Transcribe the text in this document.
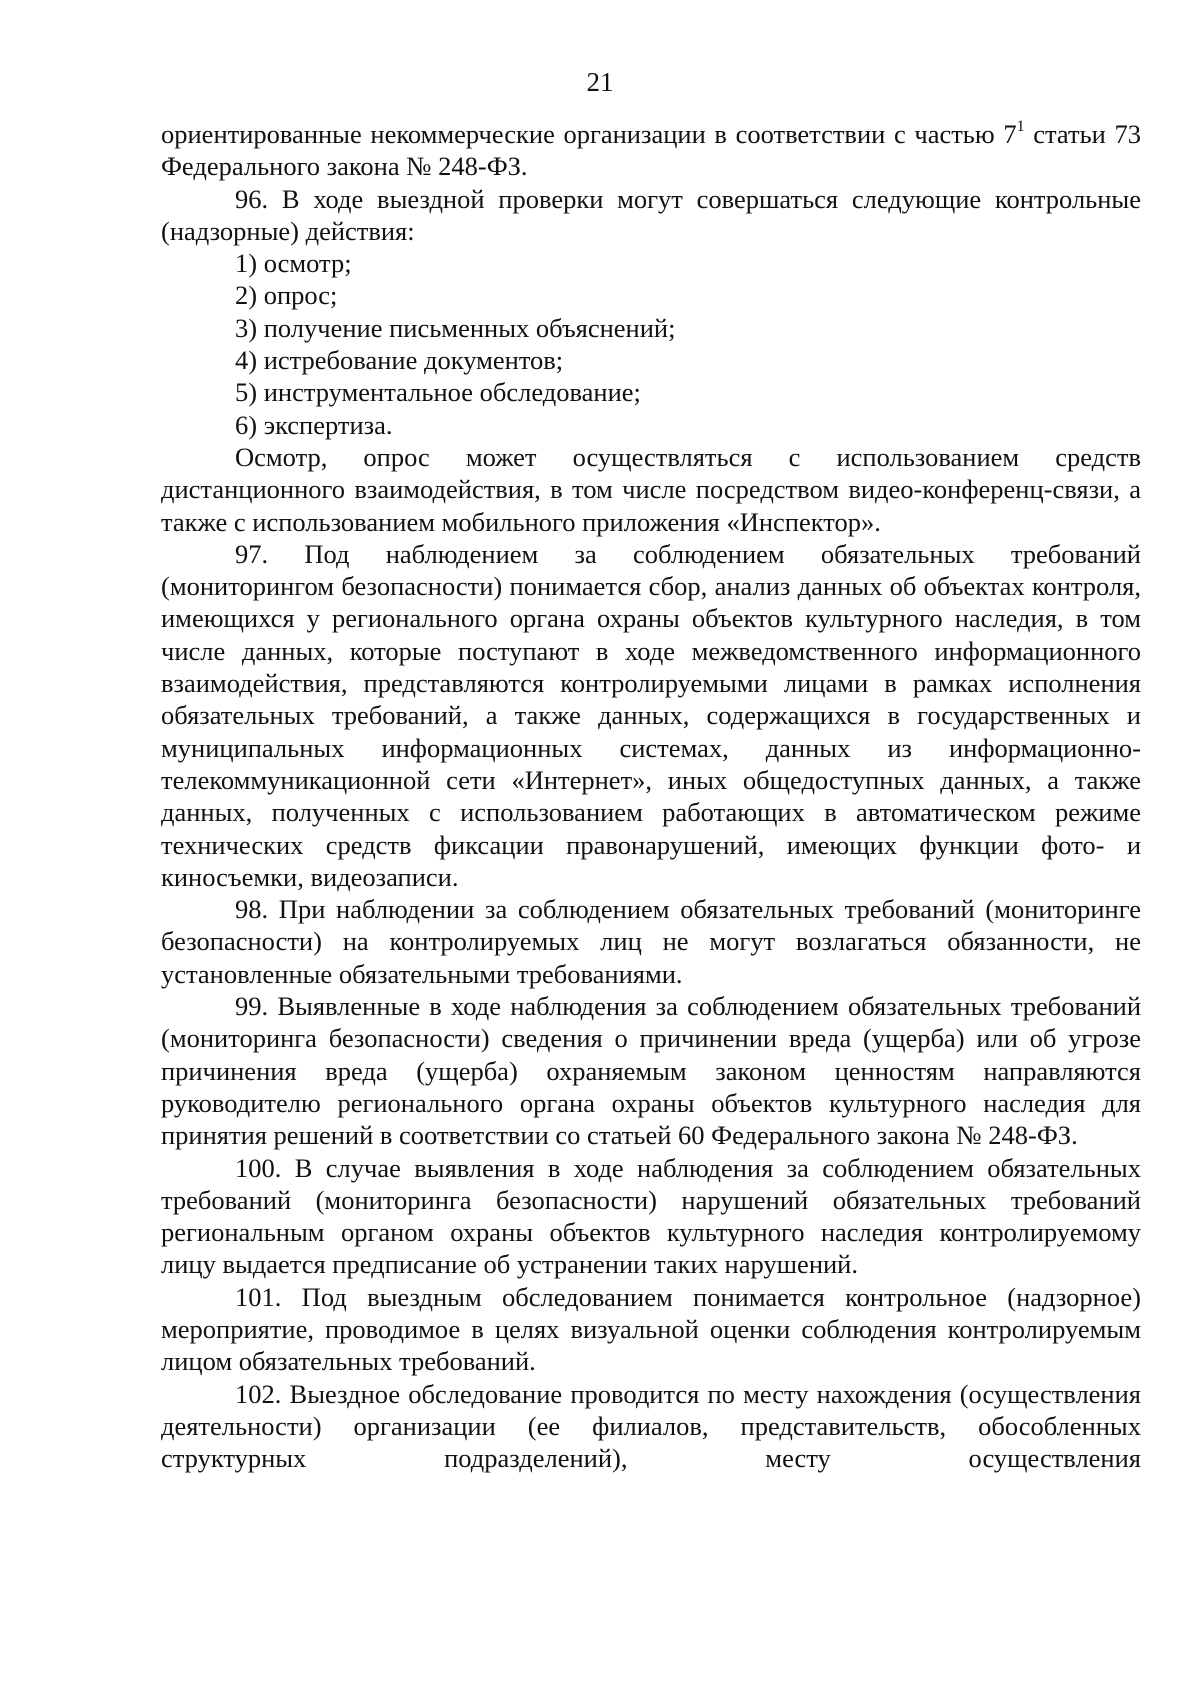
21

ориентированные некоммерческие организации в соответствии с частью $7^1$ статьи 73 Федерального закона № 248-ФЗ.

96. В ходе выездной проверки могут совершаться следующие контрольные (надзорные) действия:

1) осмотр;

2) опрос;

3) получение письменных объяснений;

4) истребование документов;

5) инструментальное обследование;

6) экспертиза.

Осмотр, опрос может осуществляться с использованием средств дистанционного взаимодействия, в том числе посредством видео-конференц-связи, а также с использованием мобильного приложения «Инспектор».

97. Под наблюдением за соблюдением обязательных требований (мониторингом безопасности) понимается сбор, анализ данных об объектах контроля, имеющихся у регионального органа охраны объектов культурного наследия, в том числе данных, которые поступают в ходе межведомственного информационного взаимодействия, представляются контролируемыми лицами в рамках исполнения обязательных требований, а также данных, содержащихся в государственных и муниципальных информационных системах, данных из информационно-телекоммуникационной сети «Интернет», иных общедоступных данных, а также данных, полученных с использованием работающих в автоматическом режиме технических средств фиксации правонарушений, имеющих функции фото- и киносъемки, видеозаписи.

98. При наблюдении за соблюдением обязательных требований (мониторинге безопасности) на контролируемых лиц не могут возлагаться обязанности, не установленные обязательными требованиями.

99. Выявленные в ходе наблюдения за соблюдением обязательных требований (мониторинга безопасности) сведения о причинении вреда (ущерба) или об угрозе причинения вреда (ущерба) охраняемым законом ценностям направляются руководителю регионального органа охраны объектов культурного наследия для принятия решений в соответствии со статьей 60 Федерального закона № 248-ФЗ.

100. В случае выявления в ходе наблюдения за соблюдением обязательных требований (мониторинга безопасности) нарушений обязательных требований региональным органом охраны объектов культурного наследия контролируемому лицу выдается предписание об устранении таких нарушений.

101. Под выездным обследованием понимается контрольное (надзорное) мероприятие, проводимое в целях визуальной оценки соблюдения контролируемым лицом обязательных требований.

102. Выездное обследование проводится по месту нахождения (осуществления деятельности) организации (ее филиалов, представительств, обособленных структурных подразделений), месту осуществления
